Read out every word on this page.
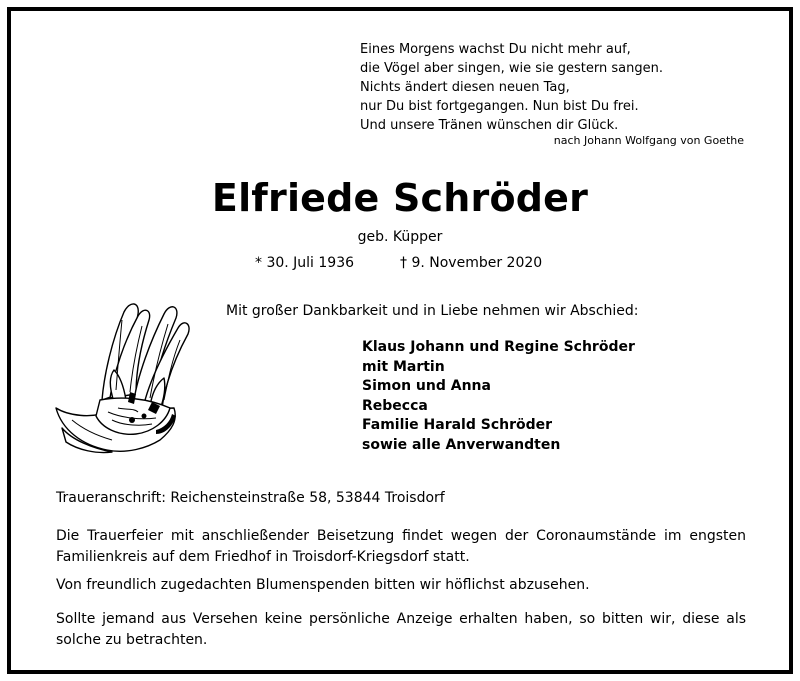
Eines Morgens wachst Du nicht mehr auf,
die Vögel aber singen, wie sie gestern sangen.
Nichts ändert diesen neuen Tag,
nur Du bist fortgegangen. Nun bist Du frei.
Und unsere Tränen wünschen dir Glück.
nach Johann Wolfgang von Goethe
Elfriede Schröder
geb. Küpper
* 30. Juli 1936	† 9. November 2020
Mit großer Dankbarkeit und in Liebe nehmen wir Abschied:
Klaus Johann und Regine Schröder
mit Martin
Simon und Anna
Rebecca
Familie Harald Schröder
sowie alle Anverwandten
Traueranschrift: Reichensteinstraße 58, 53844 Troisdorf
Die Trauerfeier mit anschließender Beisetzung findet wegen der Coronaumstände im engsten Familienkreis auf dem Friedhof in Troisdorf-Kriegsdorf statt.
Von freundlich zugedachten Blumenspenden bitten wir höflichst abzusehen.
Sollte jemand aus Versehen keine persönliche Anzeige erhalten haben, so bitten wir, diese als solche zu betrachten.
